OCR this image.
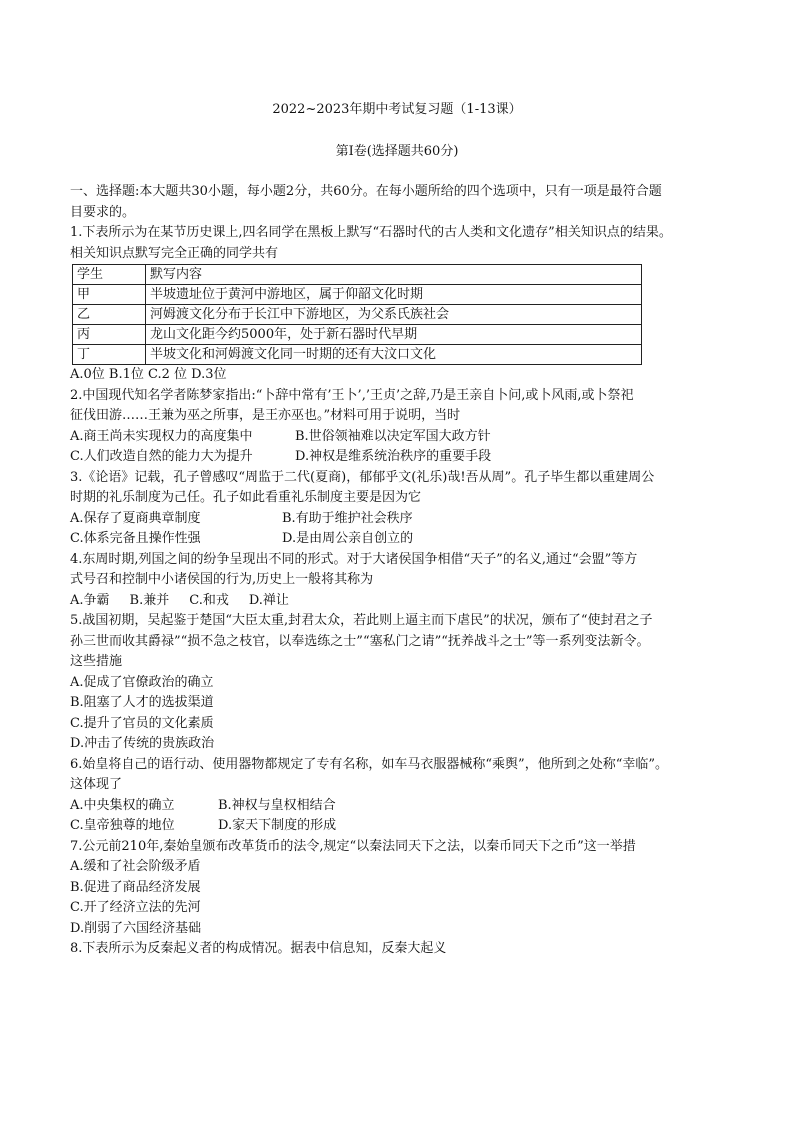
2022~2023年期中考试复习题（1-13课）
第Ⅰ卷(选择题共60分)
一、选择题:本大题共30小题，每小题2分，共60分。在每小题所给的四个选项中，只有一项是最符合题
目要求的。
1.下表所示为在某节历史课上,四名同学在黑板上默写“石器时代的古人类和文化遗存”相关知识点的结果。
相关知识点默写完全正确的同学共有
学生	默写内容
甲	半坡遗址位于黄河中游地区，属于仰韶文化时期
乙	河姆渡文化分布于长江中下游地区，为父系氏族社会
丙	龙山文化距今约5000年，处于新石器时代早期
丁	半坡文化和河姆渡文化同一时期的还有大汶口文化
A.0位 B.1位 C.2 位 D.3位
2.中国现代知名学者陈梦家指出:“卜辞中常有’王卜’,’王贞’之辞,乃是王亲自卜问,或卜风雨,或卜祭祀
征伐田游……王兼为巫之所事，是王亦巫也。”材料可用于说明，当时
A.商王尚未实现权力的高度集中	B.世俗领袖难以决定军国大政方针
C.人们改造自然的能力大为提升	D.神权是维系统治秩序的重要手段
3.《论语》记载，孔子曾感叹“周监于二代(夏商)，郁郁乎文(礼乐)哉!吾从周”。孔子毕生都以重建周公
时期的礼乐制度为己任。孔子如此看重礼乐制度主要是因为它
A.保存了夏商典章制度	B.有助于维护社会秩序
C.体系完备且操作性强	D.是由周公亲自创立的
4.东周时期,列国之间的纷争呈现出不同的形式。对于大诸侯国争相借“天子”的名义,通过“会盟”等方
式号召和控制中小诸侯国的行为,历史上一般将其称为
A.争霸 B.兼并 C.和戎 D.禅让
5.战国初期，吴起鉴于楚国“大臣太重,封君太众，若此则上逼主而下虐民”的状况，颁布了“使封君之子
孙三世而收其爵禄”“损不急之枝官，以奉选练之士”“塞私门之请”“抚养战斗之士”等一系列变法新令。
这些措施
A.促成了官僚政治的确立
B.阻塞了人才的选拔渠道
C.提升了官员的文化素质
D.冲击了传统的贵族政治
6.始皇将自己的语行动、使用器物都规定了专有名称，如车马衣服器械称“乘舆”，他所到之处称“幸临”。
这体现了
A.中央集权的确立	B.神权与皇权相结合
C.皇帝独尊的地位	D.家天下制度的形成
7.公元前210年,秦始皇颁布改革货币的法令,规定“以秦法同天下之法，以秦币同天下之币”这一举措
A.缓和了社会阶级矛盾
B.促进了商品经济发展
C.开了经济立法的先河
D.削弱了六国经济基础
8.下表所示为反秦起义者的构成情况。据表中信息知，反秦大起义
